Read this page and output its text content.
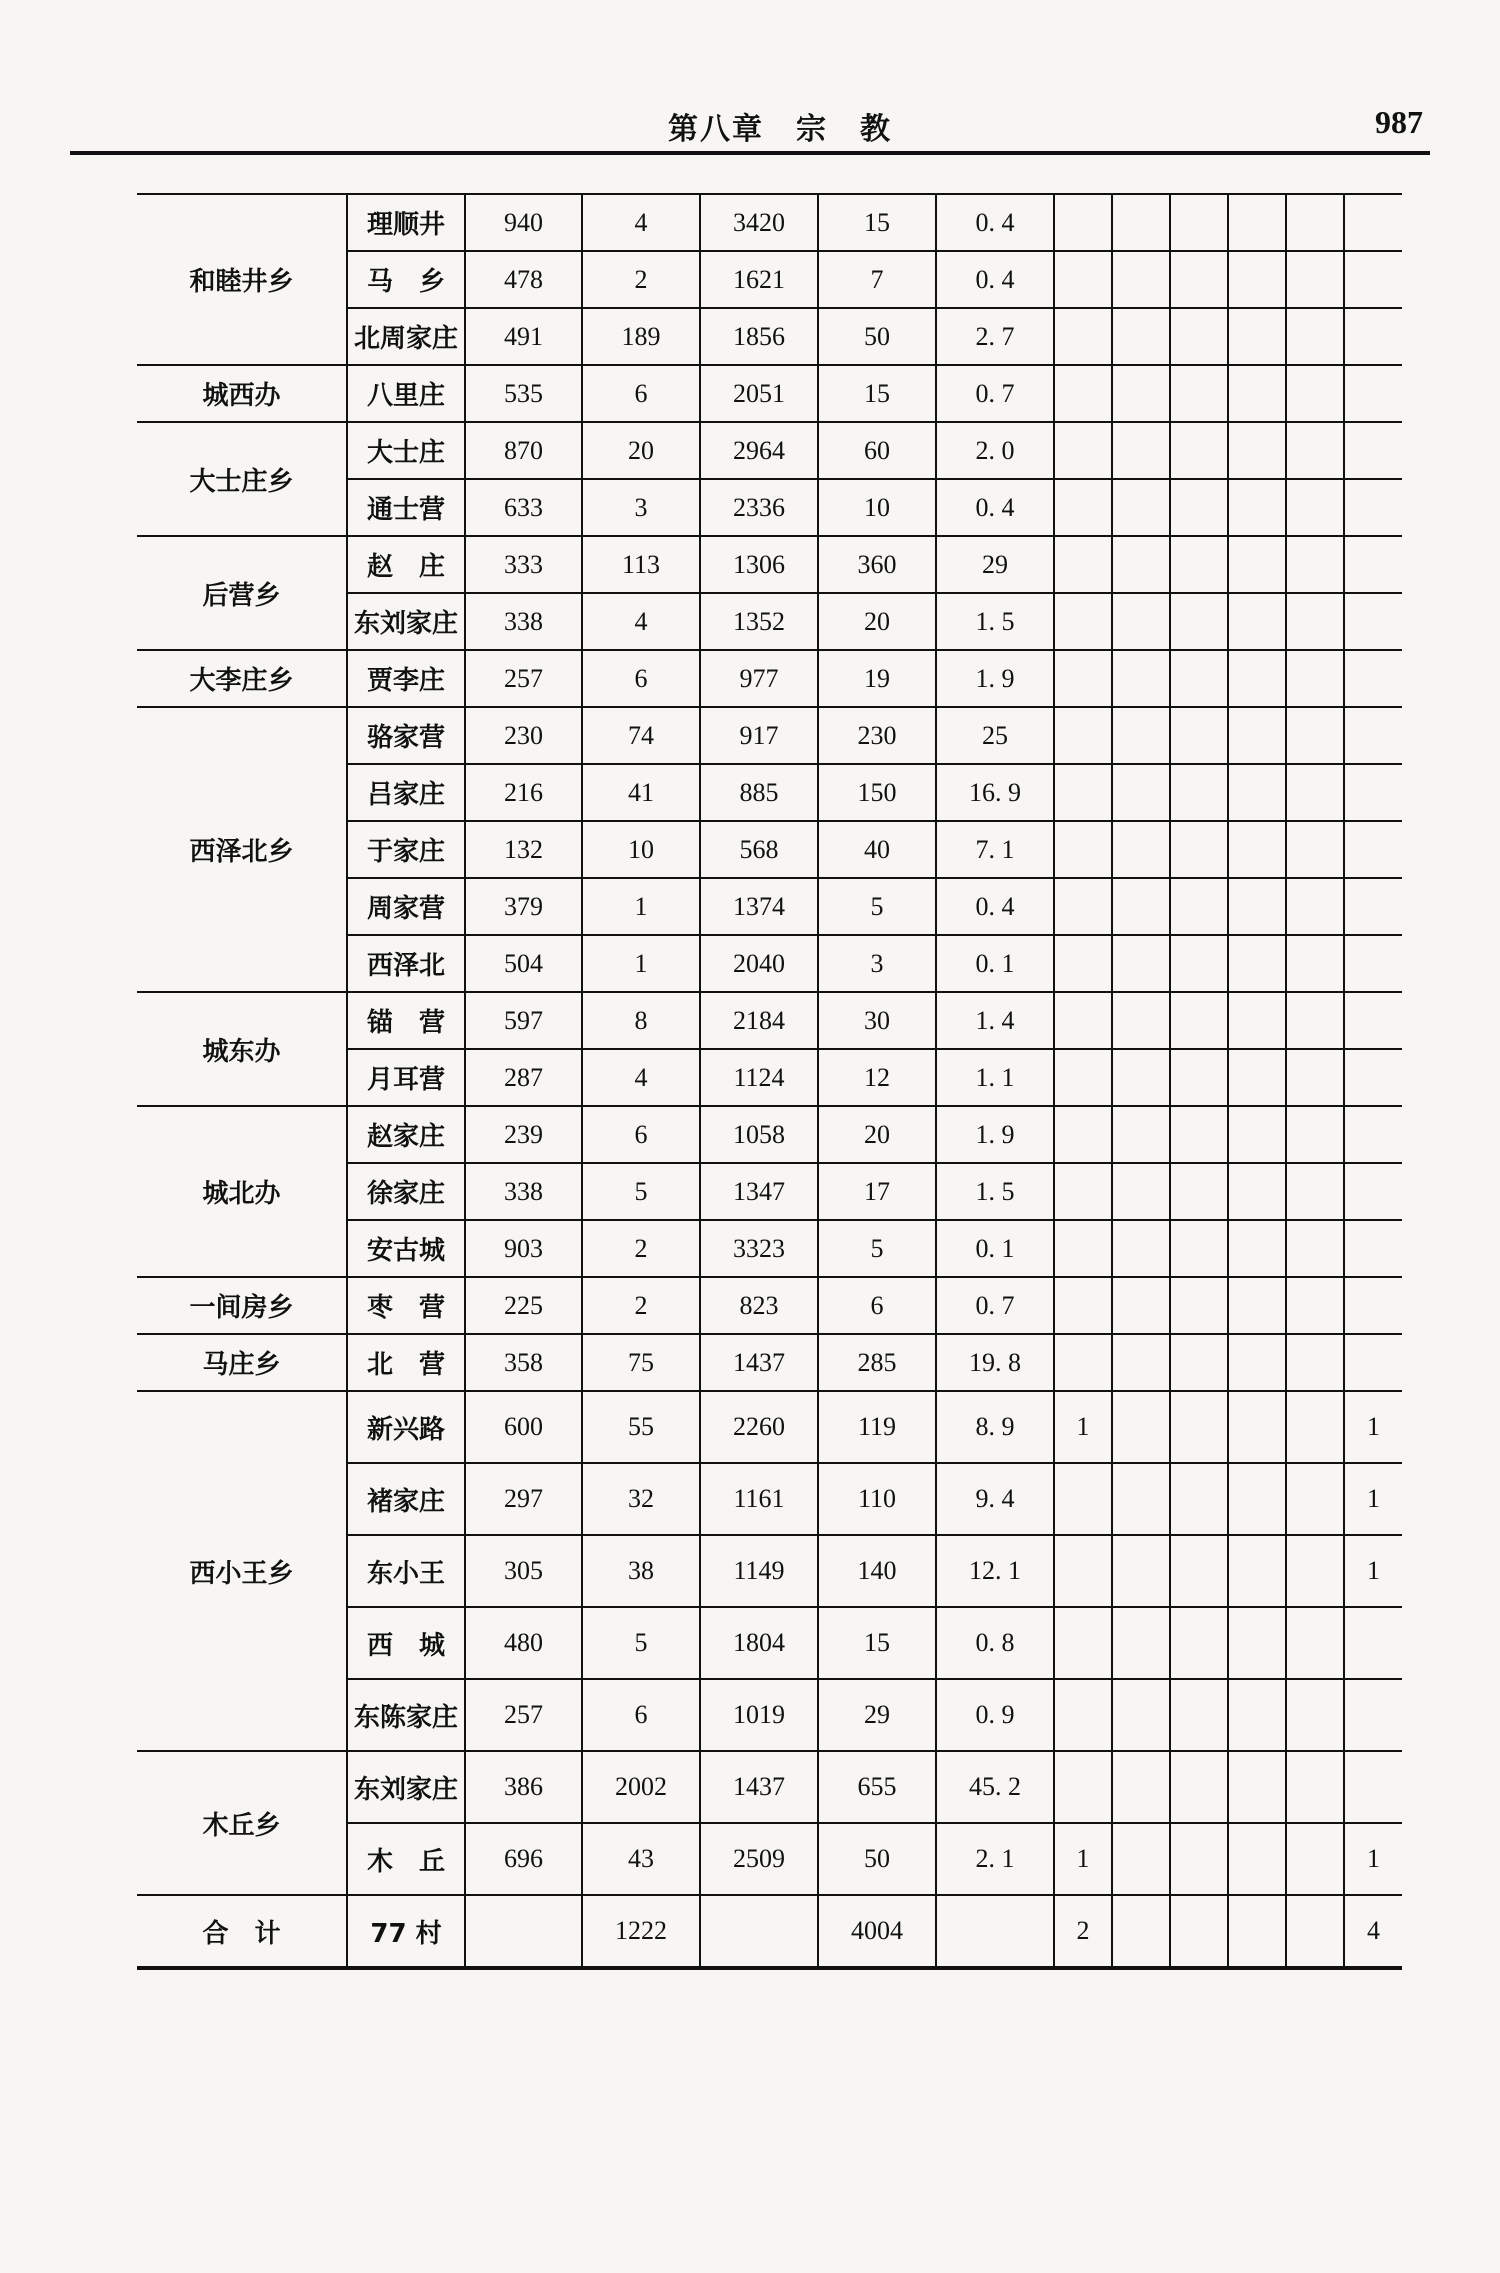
第八章　宗　教	987
和睦井乡	理顺井	940	4	3420	15	0. 4						
	马　乡	478	2	1621	7	0. 4						
	北周家庄	491	189	1856	50	2. 7						
城西办	八里庄	535	6	2051	15	0. 7						
大士庄乡	大士庄	870	20	2964	60	2. 0						
	通士营	633	3	2336	10	0. 4						
后营乡	赵　庄	333	113	1306	360	29						
	东刘家庄	338	4	1352	20	1. 5						
大李庄乡	贾李庄	257	6	977	19	1. 9						
西泽北乡	骆家营	230	74	917	230	25						
	吕家庄	216	41	885	150	16. 9						
	于家庄	132	10	568	40	7. 1						
	周家营	379	1	1374	5	0. 4						
	西泽北	504	1	2040	3	0. 1						
城东办	锚　营	597	8	2184	30	1. 4						
	月耳营	287	4	1124	12	1. 1						
城北办	赵家庄	239	6	1058	20	1. 9						
	徐家庄	338	5	1347	17	1. 5						
	安古城	903	2	3323	5	0. 1						
一间房乡	枣　营	225	2	823	6	0. 7						
马庄乡	北　营	358	75	1437	285	19. 8						
西小王乡	新兴路	600	55	2260	119	8. 9	1					1
	褚家庄	297	32	1161	110	9. 4						1
	东小王	305	38	1149	140	12. 1						1
	西　城	480	5	1804	15	0. 8						
	东陈家庄	257	6	1019	29	0. 9						
木丘乡	东刘家庄	386	2002	1437	655	45. 2						
	木　丘	696	43	2509	50	2. 1	1					1
合　计	77 村		1222		4004		2					4
